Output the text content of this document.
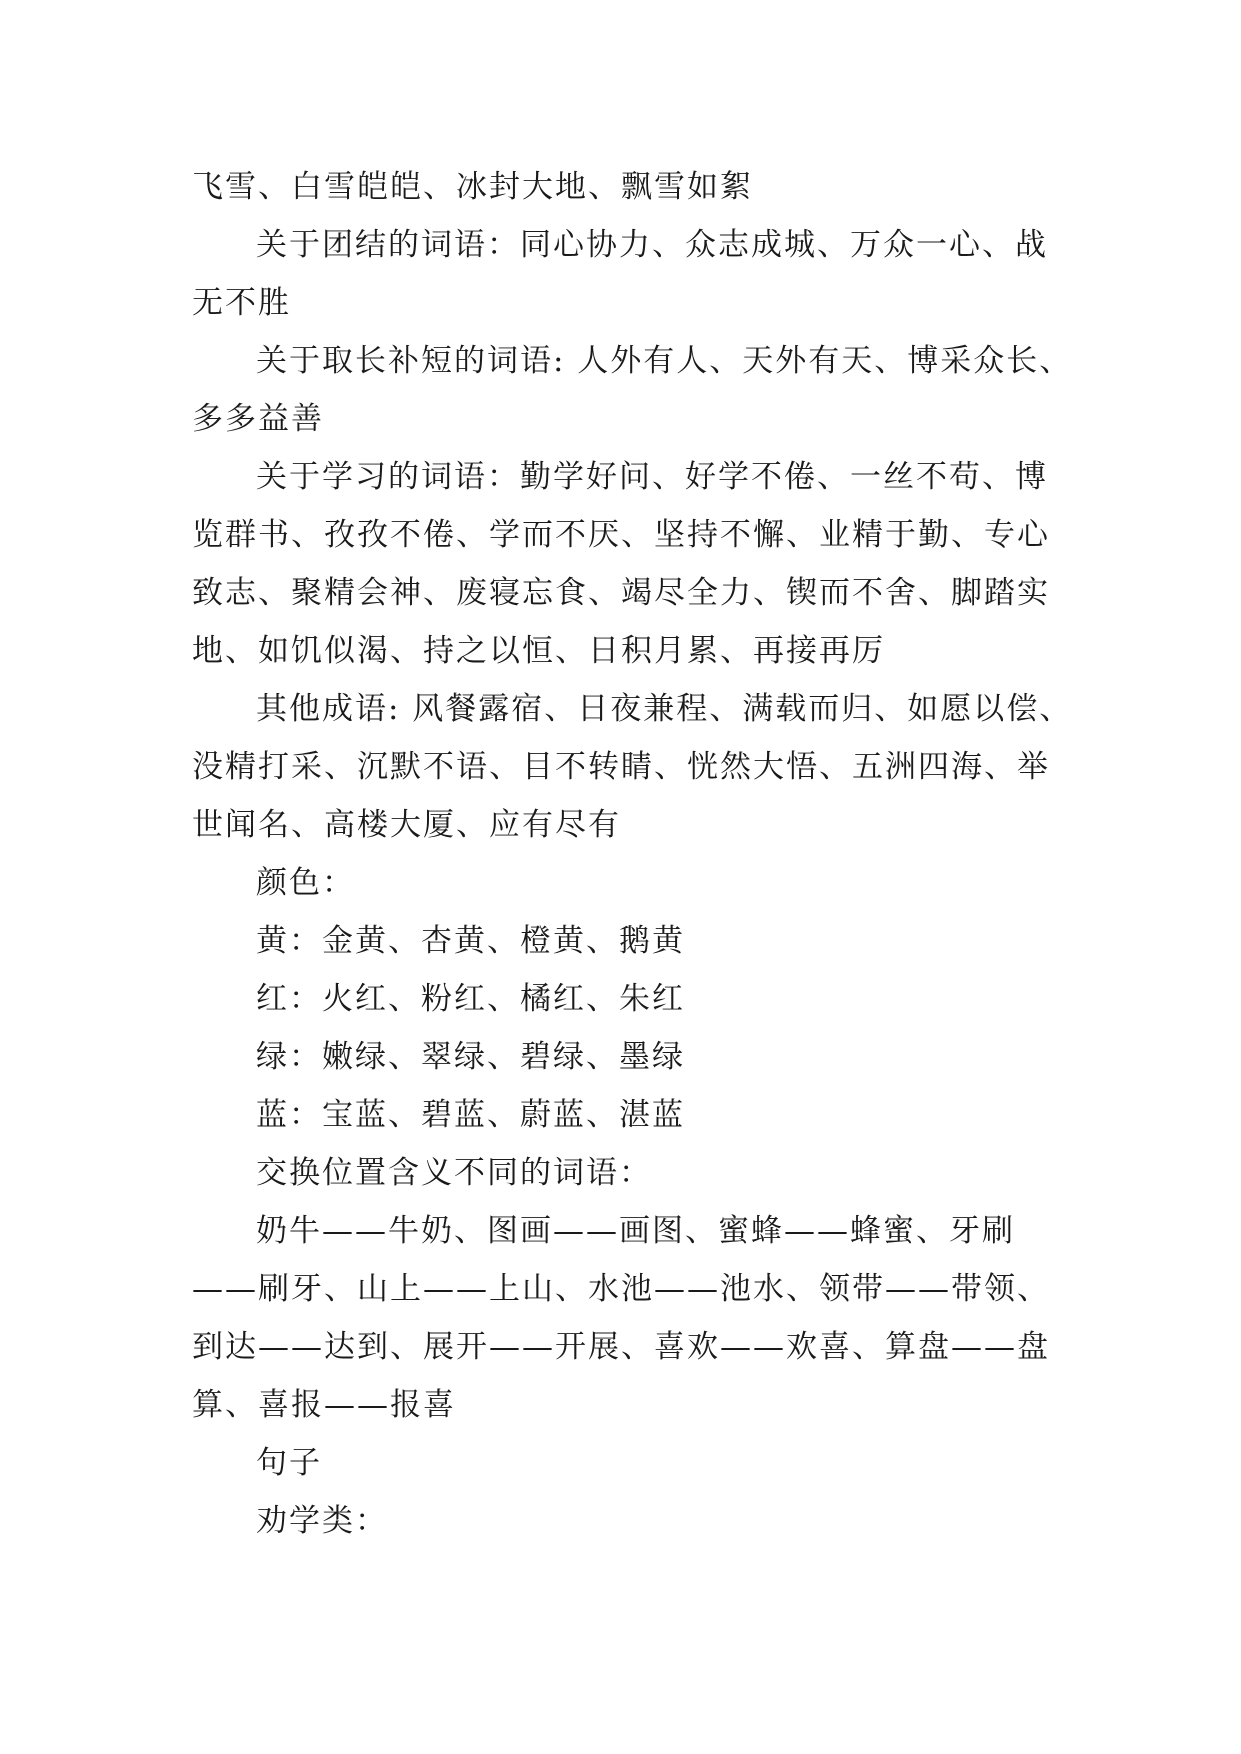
飞雪、白雪皑皑、冰封大地、飘雪如絮
关于团结的词语：同心协力、众志成城、万众一心、战
无不胜
关于取长补短的词语: 人外有人、天外有天、博采众长、
多多益善
关于学习的词语：勤学好问、好学不倦、一丝不苟、博
览群书、孜孜不倦、学而不厌、坚持不懈、业精于勤、专心
致志、聚精会神、废寝忘食、竭尽全力、锲而不舍、脚踏实
地、如饥似渴、持之以恒、日积月累、再接再厉
其他成语: 风餐露宿、日夜兼程、满载而归、如愿以偿、
没精打采、沉默不语、目不转睛、恍然大悟、五洲四海、举
世闻名、高楼大厦、应有尽有
颜色：
黄：金黄、杏黄、橙黄、鹅黄
红：火红、粉红、橘红、朱红
绿：嫩绿、翠绿、碧绿、墨绿
蓝：宝蓝、碧蓝、蔚蓝、湛蓝
交换位置含义不同的词语：
奶牛——牛奶、图画——画图、蜜蜂——蜂蜜、牙刷
——刷牙、山上——上山、水池——池水、领带——带领、
到达——达到、展开——开展、喜欢——欢喜、算盘——盘
算、喜报——报喜
句子
劝学类：
